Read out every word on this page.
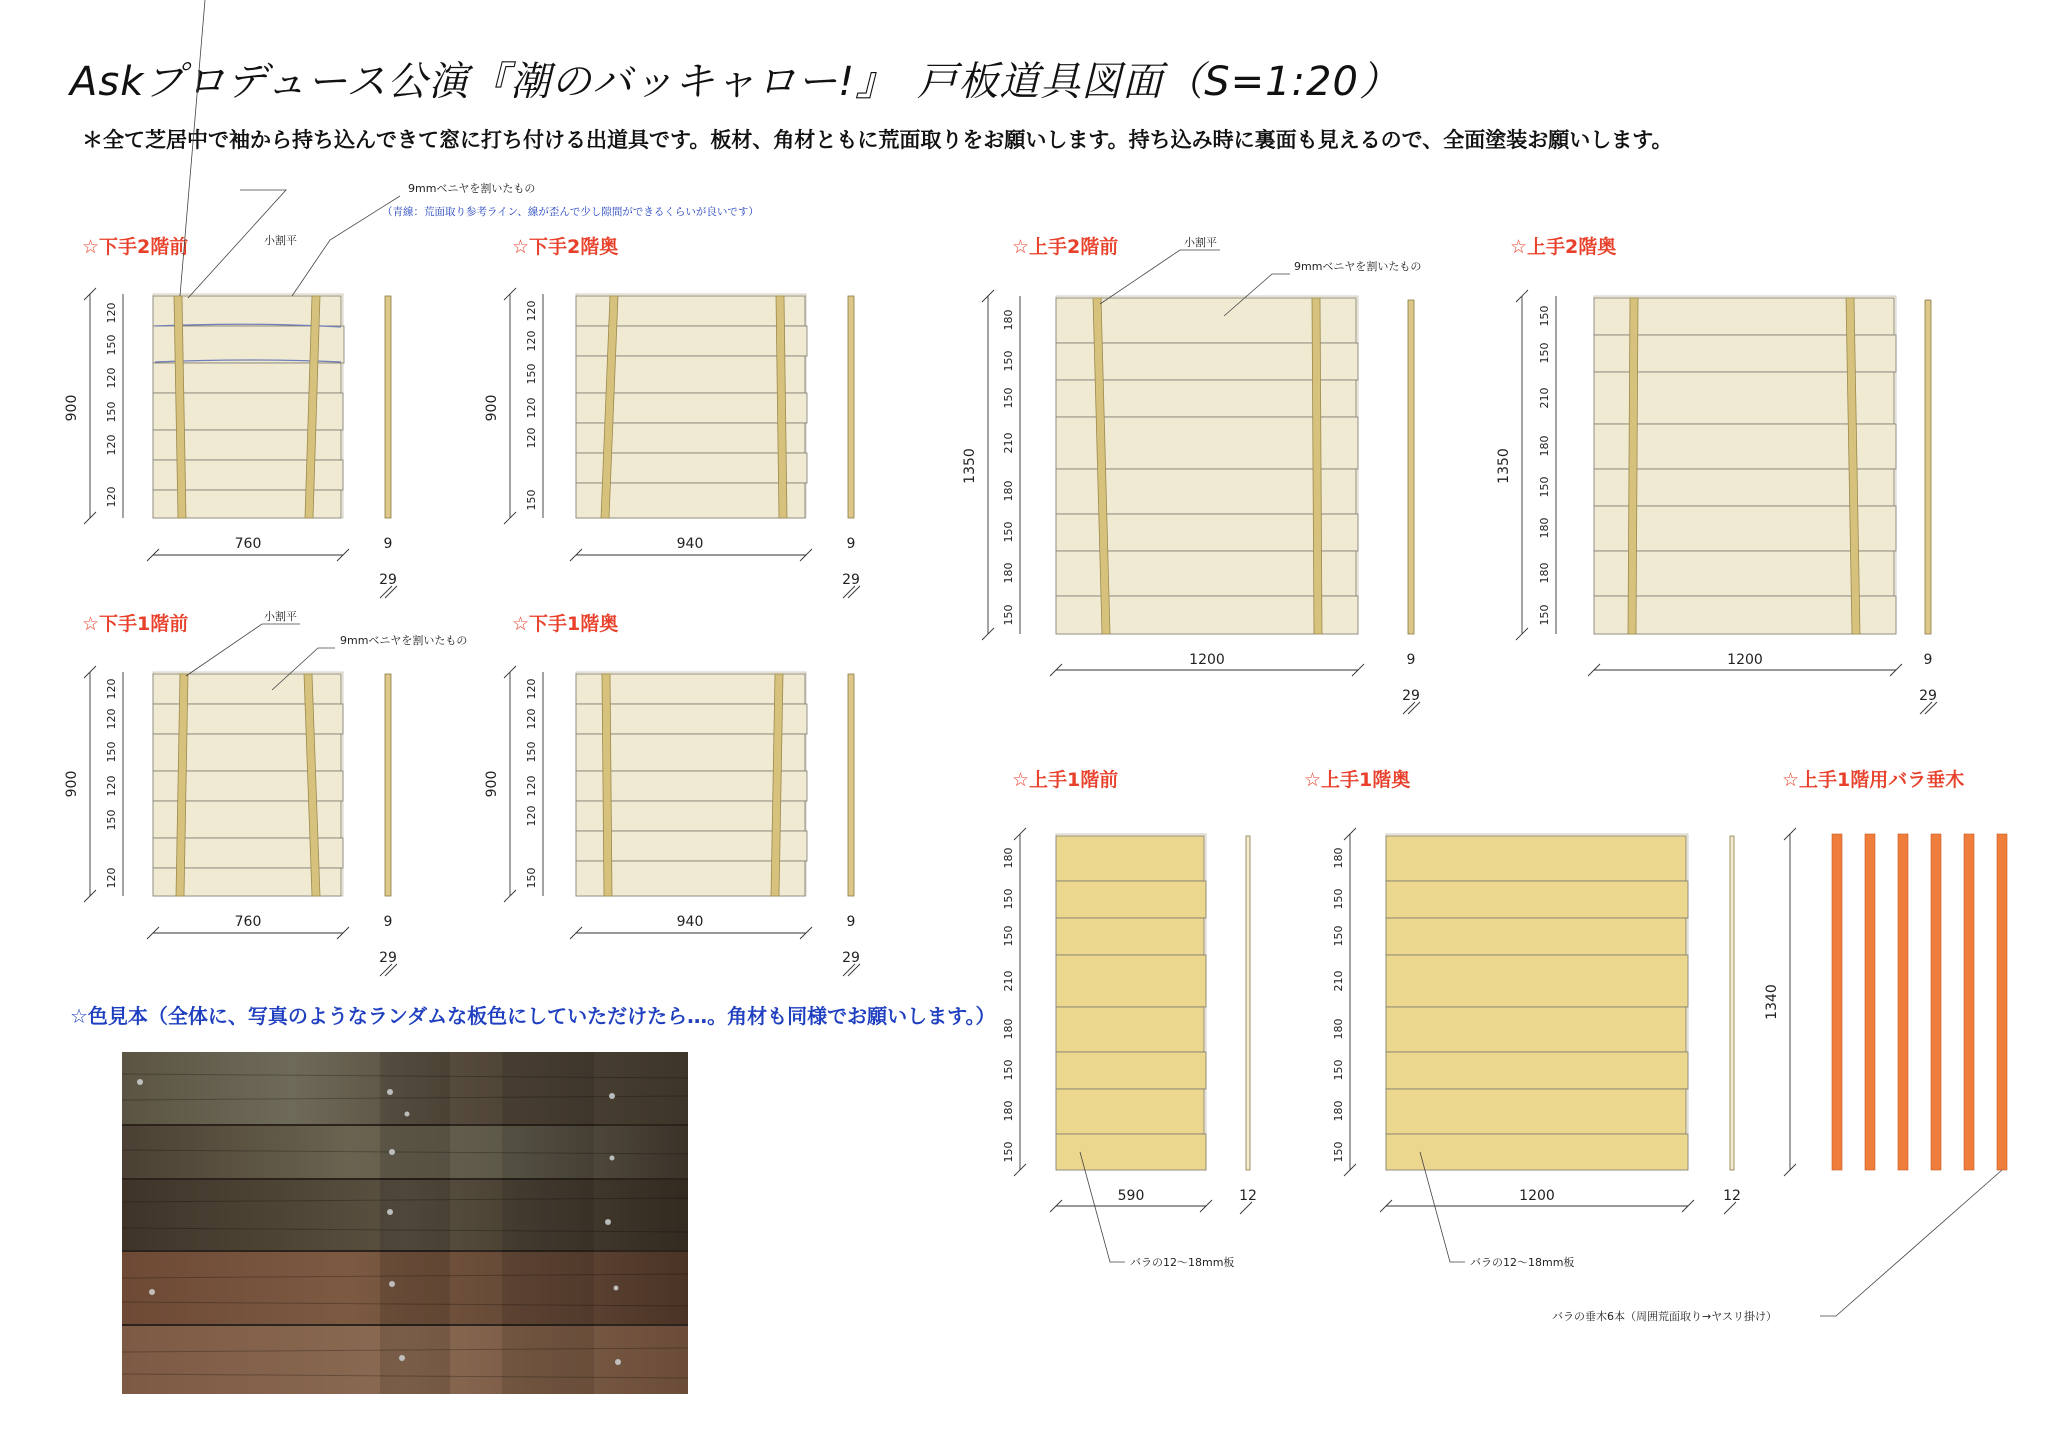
Askプロデュース公演『潮のバッキャロー!』　戸板道具図面（S=1:20）
＊全て芝居中で袖から持ち込んできて窓に打ち付ける出道具です。板材、角材ともに荒面取りをお願いします。持ち込み時に裏面も見えるので、全面塗装お願いします。
☆下手2階前	☆下手2階奥
☆下手1階前	☆下手1階奥
☆上手2階前	☆上手2階奥
☆上手1階前	☆上手1階奥	☆上手1階用バラ垂木
900
120
150
120
150
120
120
760	9
29
小割平
9mmベニヤを割いたもの
（青線：荒面取り参考ライン、線が歪んで少し隙間ができるくらいが良いです）
900
120
120
150
120
120
150
940	9
29
900
120
120
150
120
150
120
760	9
29
小割平
9mmベニヤを割いたもの
900
120
120
150
120
120
150
940	9
29
1350
180
150
150
210
180
150
180
150
1200	9
29
小割平
9mmベニヤを割いたもの
1350
150
150
210
180
150
180
180
150
1200	9
29
180
150
150
210
180
150
180
150
590	12
バラの12〜18mm板
180
150
150
210
180
150
180
150
1200	12
バラの12〜18mm板
1340
バラの垂木6本（周囲荒面取り→ヤスリ掛け）
☆色見本（全体に、写真のようなランダムな板色にしていただけたら…。角材も同様でお願いします。）
